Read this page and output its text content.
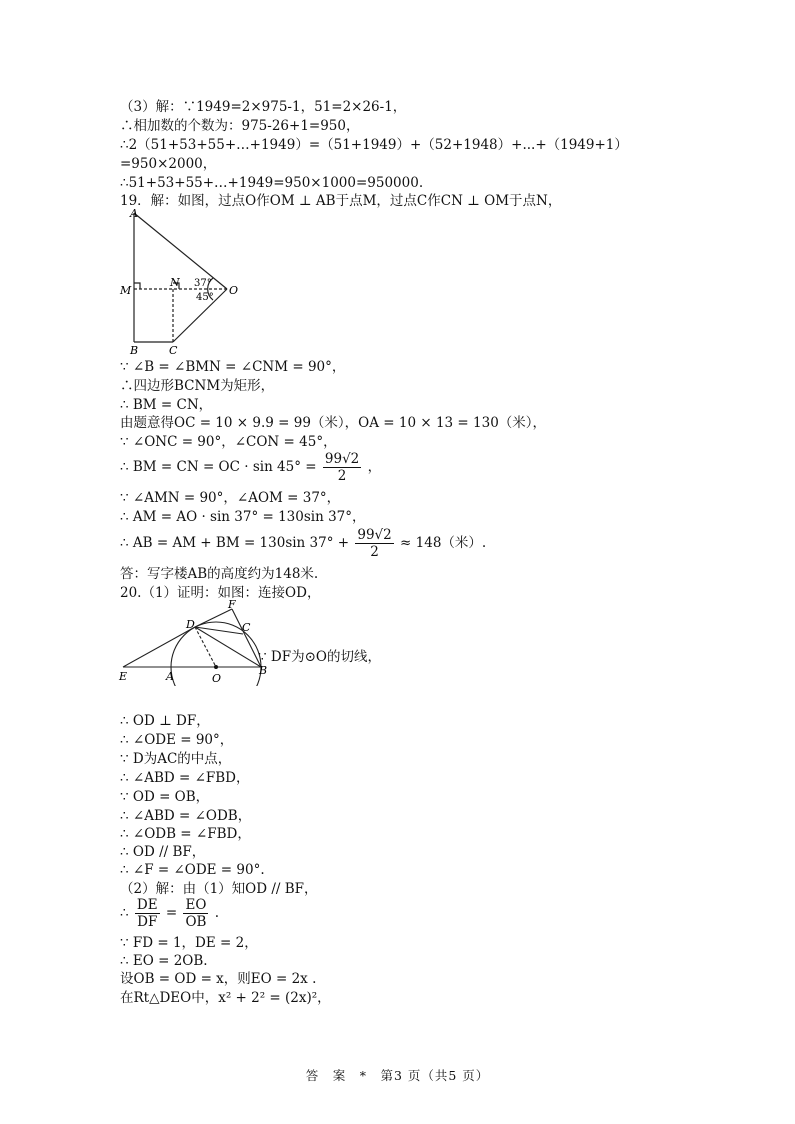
（3）解：∵1949=2×975-1，51=2×26-1，
∴相加数的个数为：975-26+1=950，
∴2（51+53+55+…+1949）=（51+1949）+（52+1948）+...+（1949+1）
=950×2000，
∴51+53+55+…+1949=950×1000=950000.
19．解：如图，过点O作OM ⊥ AB于点M，过点C作CN ⊥ OM于点N，
A
M
N
O
B	C
37°
45°
∵ ∠B = ∠BMN = ∠CNM = 90°，
∴四边形BCNM为矩形，
∴ BM = CN，
由题意得OC = 10 × 9.9 = 99（米），OA = 10 × 13 = 130（米），
∵ ∠ONC = 90°，∠CON = 45°，
∴ BM = CN = OC · $\sin 45^\circ = \frac{99√2}{2}$ ，
∵ ∠AMN = 90°，∠AOM = 37°，
∴ AM = AO · sin 37° = 130sin 37°，
∴ AB = AM + BM = 130sin $37^\circ + \frac{99√2}{2} \approx 148$（米）.
答：写字楼AB的高度约为148米.
20.（1）证明：如图：连接OD，
F
D	C
E	A	O
B
∵ DF为⊙O的切线，
∴ OD ⊥ DF，
∴ ∠ODE = 90°，
∵ D为AC的中点，
∴ ∠ABD = ∠FBD，
∵ OD = OB，
∴ ∠ABD = ∠ODB，
∴ ∠ODB = ∠FBD，
∴ OD // BF，
∴ ∠F = ∠ODE = 90°.
（2）解：由（1）知OD // BF，
∴ $\frac{DE}{DF} = \frac{EO}{OB}$ .
∵ FD = 1，DE = 2，
∴ EO = 2OB.
设OB = OD = x，则EO = 2x .
在Rt△DEO中，x² + 2² = (2x)²，
答　案　*　第3 页（共5 页）
